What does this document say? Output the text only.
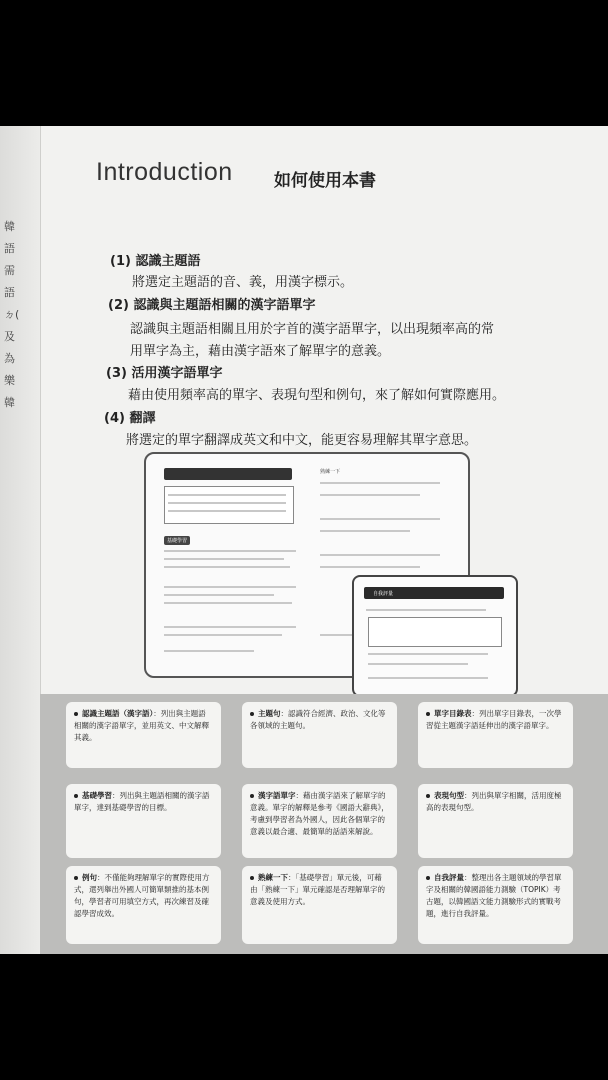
韓
語
需
語
ㄉ(
及
為
樂
韓
Introduction 如何使用本書
(1) 認識主題語
將選定主題語的音、義，用漢字標示。
(2) 認識與主題語相關的漢字語單字
認識與主題語相關且用於字首的漢字語單字，以出現頻率高的常
用單字為主，藉由漢字語來了解單字的意義。
(3) 活用漢字語單字
藉由使用頻率高的單字、表現句型和例句，來了解如何實際應用。
(4) 翻譯
將選定的單字翻譯成英文和中文，能更容易理解其單字意思。
基礎學習
熟練一下
自我評量
認識主題語（漢字語）：列出與主題語相關的漢字語單字，並用英文、中文解釋其義。
主題句：認識符合經濟、政治、文化等各領域的主題句。
單字目錄表：列出單字目錄表，一次學習從主題漢字語延伸出的漢字語單字。
基礎學習：列出與主題語相關的漢字語單字，達到基礎學習的目標。
漢字語單字：藉由漢字語來了解單字的意義。單字的解釋是參考《國語大辭典》，考慮到學習者為外國人，因此各個單字的意義以最合適、最簡單的話語來解說。
表現句型：列出與單字相關，活用度極高的表現句型。
例句：不僅能夠理解單字的實際使用方式，還列舉出外國人可簡單類推的基本例句，學習者可用填空方式，再次練習及確認學習成效。
熟練一下：「基礎學習」單元後，可藉由「熟練一下」單元確認是否理解單字的意義及使用方式。
自我評量：整理出各主題領域的學習單字及相關的韓國語能力測驗（TOPIK）考古題，以韓國語文能力測驗形式的實戰考題，進行自我評量。
